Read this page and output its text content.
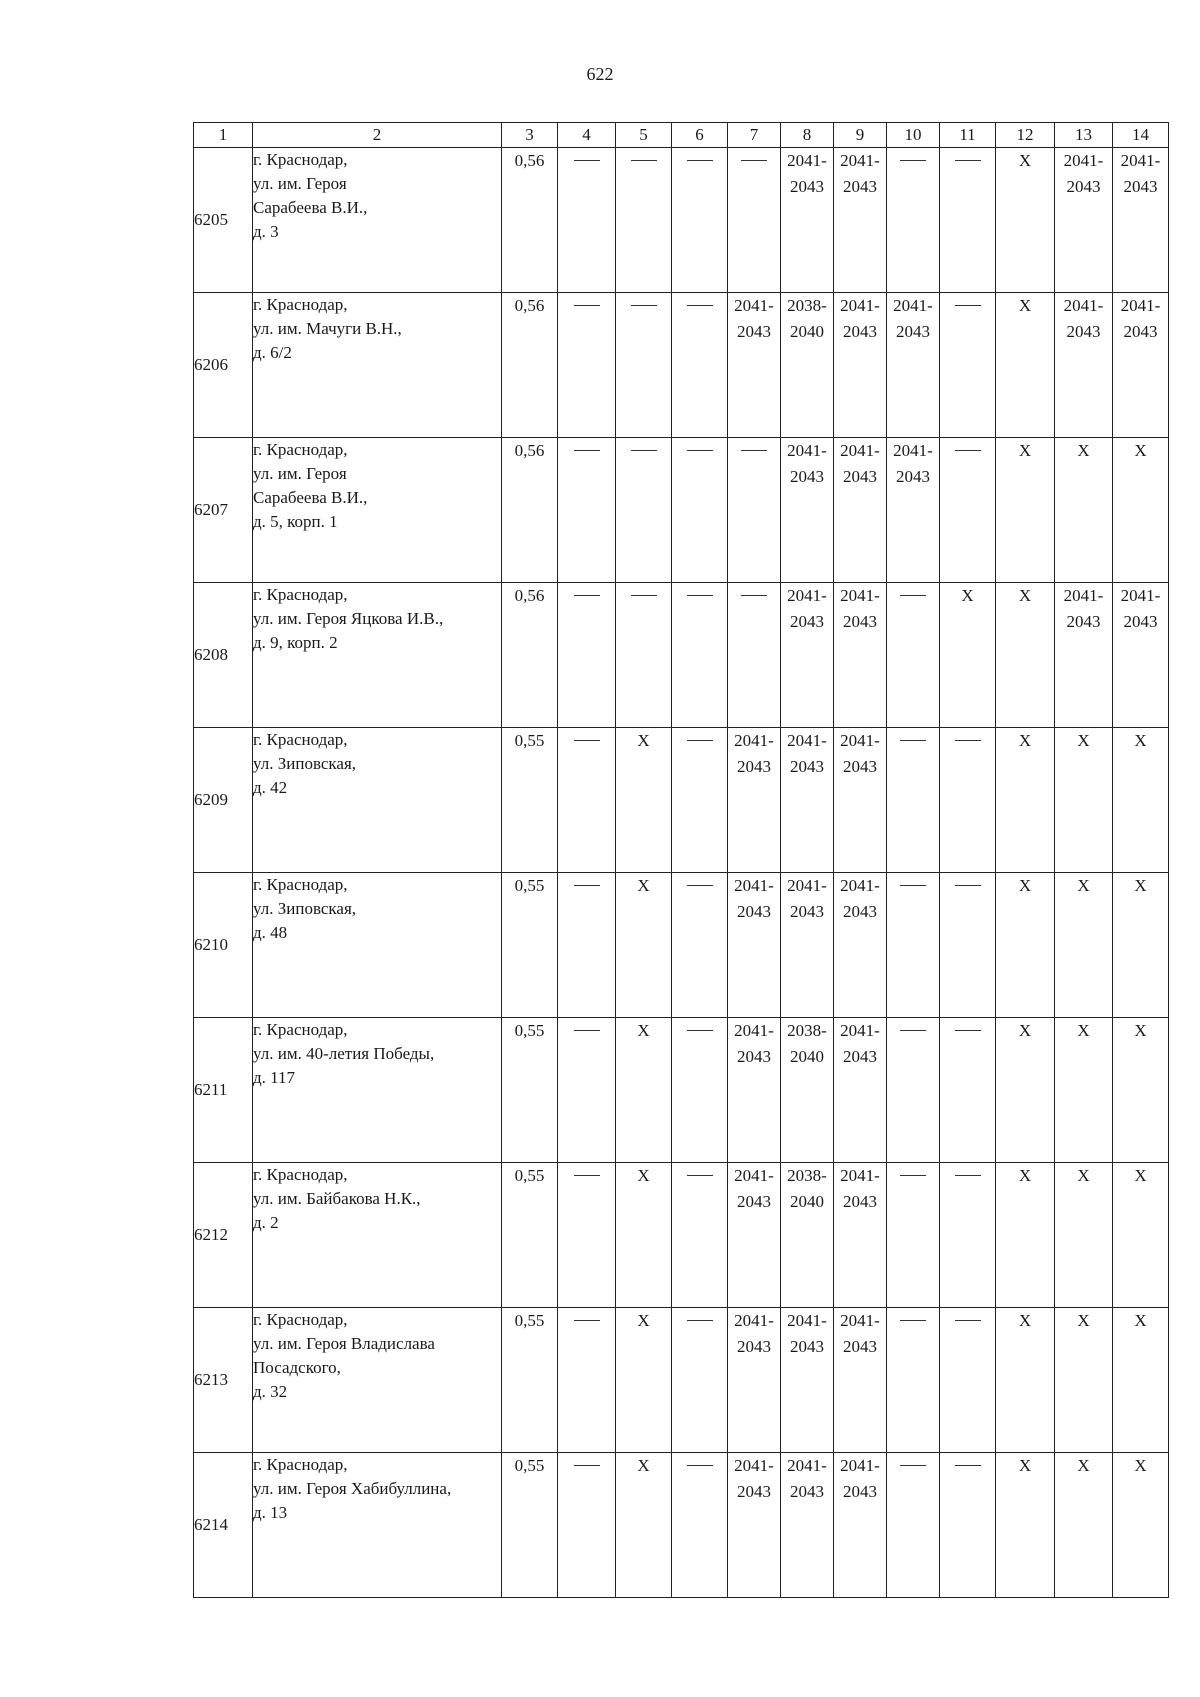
622
1	2	3	4	5	6	7	8	9	10	11	12	13	14
6205	г. Краснодар,
ул. им. Героя
Сарабеева В.И.,
д. 3	0,56					2041-
2043	2041-
2043			X	2041-
2043	2041-
2043

6206	г. Краснодар,
ул. им. Мачуги В.Н.,
д. 6/2	0,56				2041-
2043	2038-
2040	2041-
2043	2041-
2043		X	2041-
2043	2041-
2043

6207	г. Краснодар,
ул. им. Героя
Сарабеева В.И.,
д. 5, корп. 1	0,56					2041-
2043	2041-
2043	2041-
2043		X	X	X
6208	г. Краснодар,
ул. им. Героя Яцкова И.В.,
д. 9, корп. 2	0,56					2041-
2043	2041-
2043		X	X	2041-
2043	2041-
2043

6209	г. Краснодар,
ул. Зиповская,
д. 42	0,55		X		2041-
2043	2041-
2043	2041-
2043			X	X	X
6210	г. Краснодар,
ул. Зиповская,
д. 48	0,55		X		2041-
2043	2041-
2043	2041-
2043			X	X	X
6211	г. Краснодар,
ул. им. 40-летия Победы,
д. 117	0,55		X		2041-
2043	2038-
2040	2041-
2043			X	X	X
6212	г. Краснодар,
ул. им. Байбакова Н.К.,
д. 2	0,55		X		2041-
2043	2038-
2040	2041-
2043			X	X	X
6213	г. Краснодар,
ул. им. Героя Владислава
Посадского,
д. 32	0,55		X		2041-
2043	2041-
2043	2041-
2043			X	X	X
6214	г. Краснодар,
ул. им. Героя Хабибуллина,
д. 13	0,55		X		2041-
2043	2041-
2043	2041-
2043			X	X	X
